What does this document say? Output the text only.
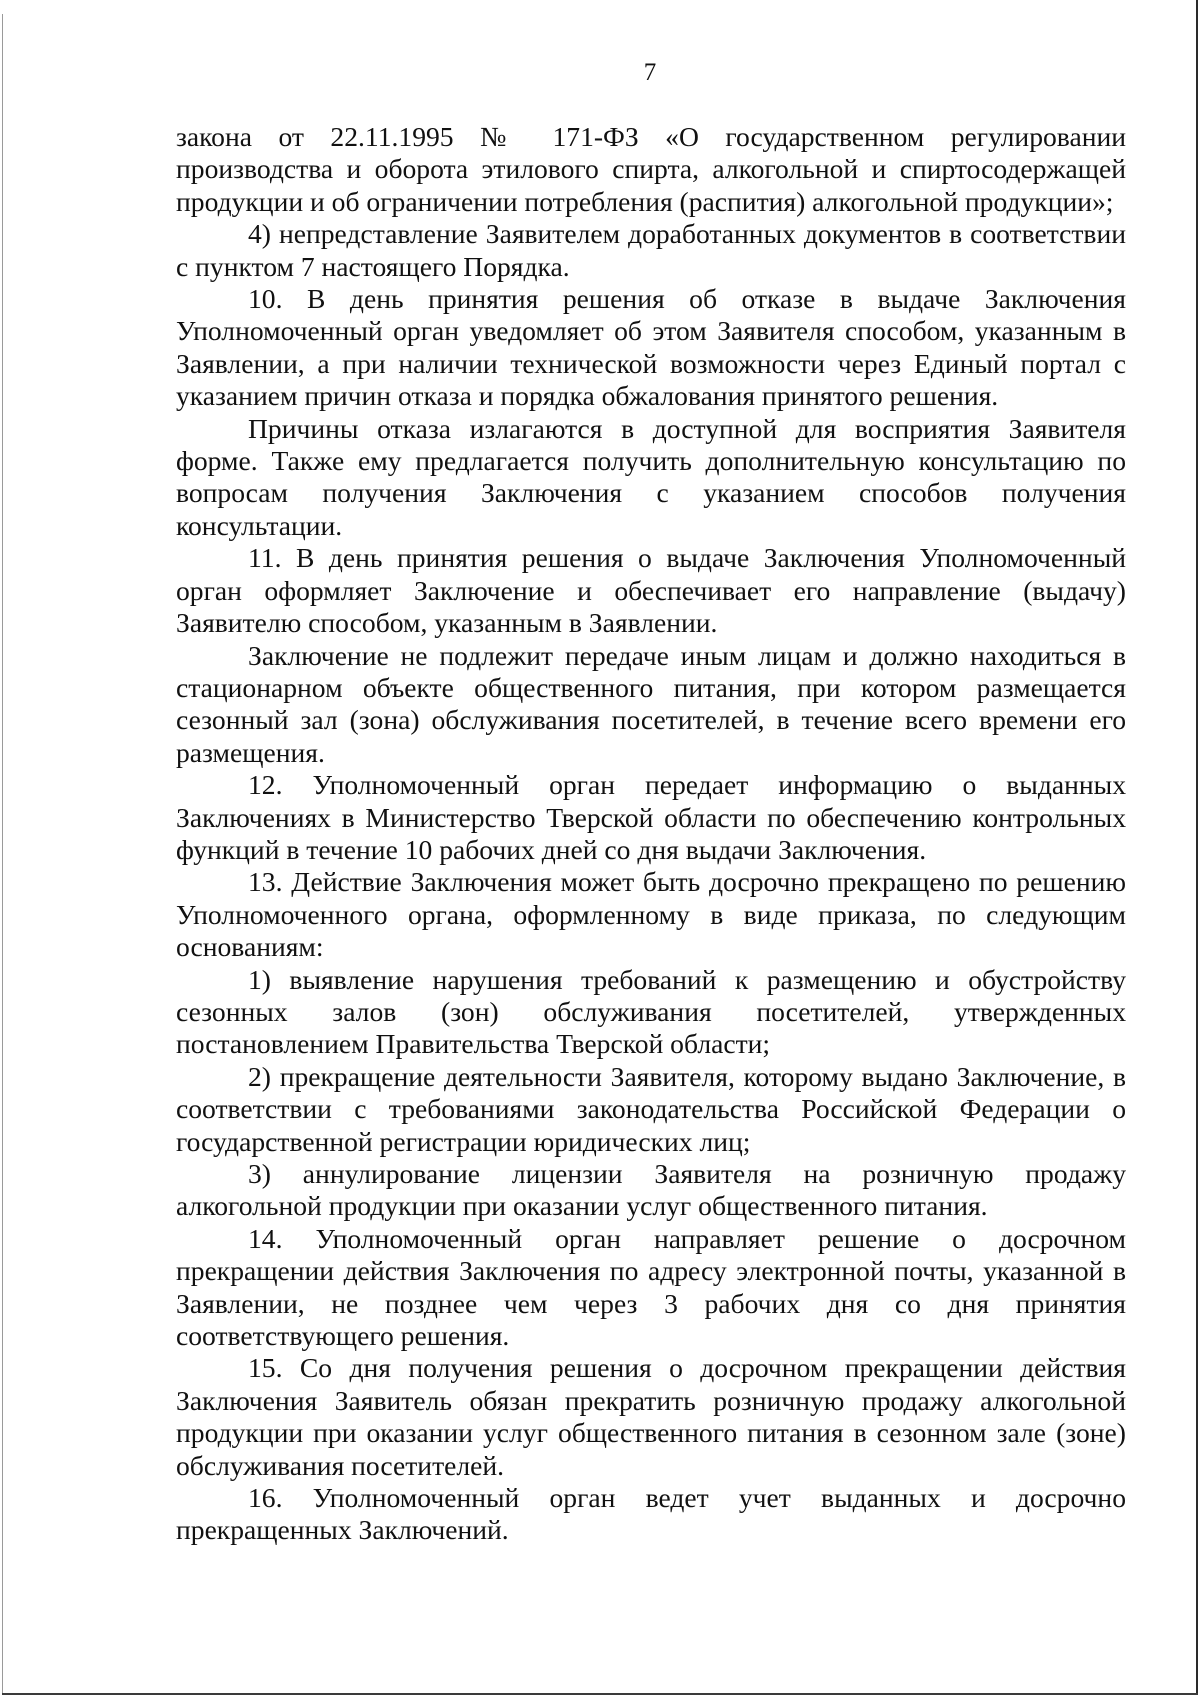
7

закона от 22.11.1995 № 171-ФЗ «О государственном регулировании производства и оборота этилового спирта, алкогольной и спиртосодержащей продукции и об ограничении потребления (распития) алкогольной продукции»;

4) непредставление Заявителем доработанных документов в соответствии с пунктом 7 настоящего Порядка.

10. В день принятия решения об отказе в выдаче Заключения Уполномоченный орган уведомляет об этом Заявителя способом, указанным в Заявлении, а при наличии технической возможности через Единый портал с указанием причин отказа и порядка обжалования принятого решения.

Причины отказа излагаются в доступной для восприятия Заявителя форме. Также ему предлагается получить дополнительную консультацию по вопросам получения Заключения с указанием способов получения консультации.

11. В день принятия решения о выдаче Заключения Уполномоченный орган оформляет Заключение и обеспечивает его направление (выдачу) Заявителю способом, указанным в Заявлении.

Заключение не подлежит передаче иным лицам и должно находиться в стационарном объекте общественного питания, при котором размещается сезонный зал (зона) обслуживания посетителей, в течение всего времени его размещения.

12. Уполномоченный орган передает информацию о выданных Заключениях в Министерство Тверской области по обеспечению контрольных функций в течение 10 рабочих дней со дня выдачи Заключения.

13. Действие Заключения может быть досрочно прекращено по решению Уполномоченного органа, оформленному в виде приказа, по следующим основаниям:

1) выявление нарушения требований к размещению и обустройству сезонных залов (зон) обслуживания посетителей, утвержденных постановлением Правительства Тверской области;

2) прекращение деятельности Заявителя, которому выдано Заключение, в соответствии с требованиями законодательства Российской Федерации о государственной регистрации юридических лиц;

3) аннулирование лицензии Заявителя на розничную продажу алкогольной продукции при оказании услуг общественного питания.

14. Уполномоченный орган направляет решение о досрочном прекращении действия Заключения по адресу электронной почты, указанной в Заявлении, не позднее чем через 3 рабочих дня со дня принятия соответствующего решения.

15. Со дня получения решения о досрочном прекращении действия Заключения Заявитель обязан прекратить розничную продажу алкогольной продукции при оказании услуг общественного питания в сезонном зале (зоне) обслуживания посетителей.

16. Уполномоченный орган ведет учет выданных и досрочно прекращенных Заключений.
